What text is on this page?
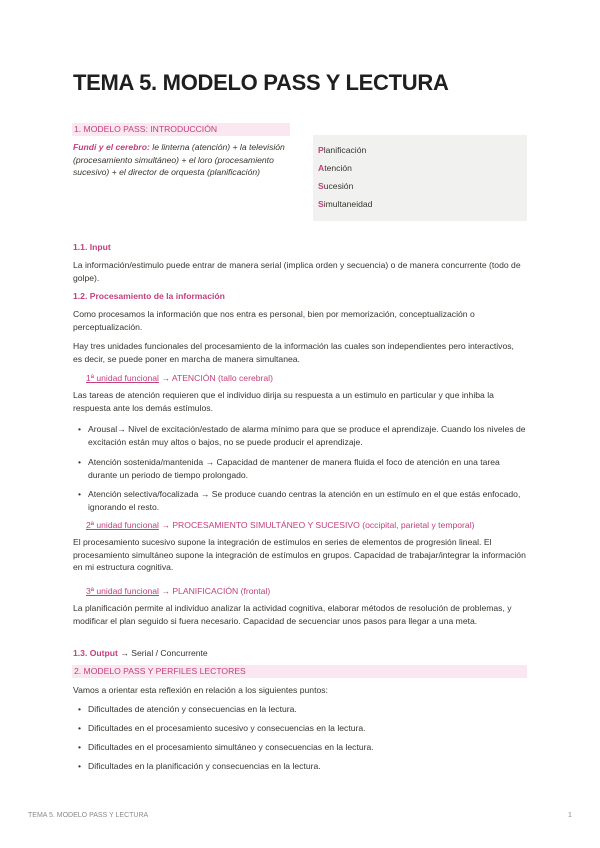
TEMA 5. MODELO PASS Y LECTURA
1. MODELO PASS: INTRODUCCIÓN
Fundi y el cerebro: le linterna (atención) + la televisión (procesamiento simultáneo) + el loro (procesamiento sucesivo) + el director de orquesta (planificación)
Planificación
Atención
Sucesión
Simultaneidad
1.1. Input
La información/estimulo puede entrar de manera serial (implica orden y secuencia) o de manera concurrente (todo de golpe).
1.2. Procesamiento de la información
Como procesamos la información que nos entra es personal, bien por memorización, conceptualización o perceptualización.
Hay tres unidades funcionales del procesamiento de la información las cuales son independientes pero interactivos, es decir, se puede poner en marcha de manera simultanea.
1ª unidad funcional → ATENCIÓN (tallo cerebral)
Las tareas de atención requieren que el individuo dirija su respuesta a un estimulo en particular y que inhiba la respuesta ante los demás estímulos.
• Arousal→ Nivel de excitación/estado de alarma mínimo para que se produce el aprendizaje. Cuando los niveles de excitación están muy altos o bajos, no se puede producir el aprendizaje.
• Atención sostenida/mantenida → Capacidad de mantener de manera fluida el foco de atención en una tarea durante un periodo de tiempo prolongado.
• Atención selectiva/focalizada → Se produce cuando centras la atención en un estímulo en el que estás enfocado, ignorando el resto.
2ª unidad funcional → PROCESAMIENTO SIMULTÁNEO Y SUCESIVO (occipital, parietal y temporal)
El procesamiento sucesivo supone la integración de estímulos en series de elementos de progresión lineal. El procesamiento simultáneo supone la integración de estímulos en grupos. Capacidad de trabajar/integrar la información en mi estructura cognitiva.
3ª unidad funcional → PLANIFICACIÓN (frontal)
La planificación permite al individuo analizar la actividad cognitiva, elaborar métodos de resolución de problemas, y modificar el plan seguido si fuera necesario. Capacidad de secuenciar unos pasos para llegar a una meta.
1.3. Output → Serial / Concurrente
2. MODELO PASS Y PERFILES LECTORES
Vamos a orientar esta reflexión en relación a los siguientes puntos:
• Dificultades de atención y consecuencias en la lectura.
• Dificultades en el procesamiento sucesivo y consecuencias en la lectura.
• Dificultades en el procesamiento simultáneo y consecuencias en la lectura.
• Dificultades en la planificación y consecuencias en la lectura.
TEMA 5. MODELO PASS Y LECTURA	1
